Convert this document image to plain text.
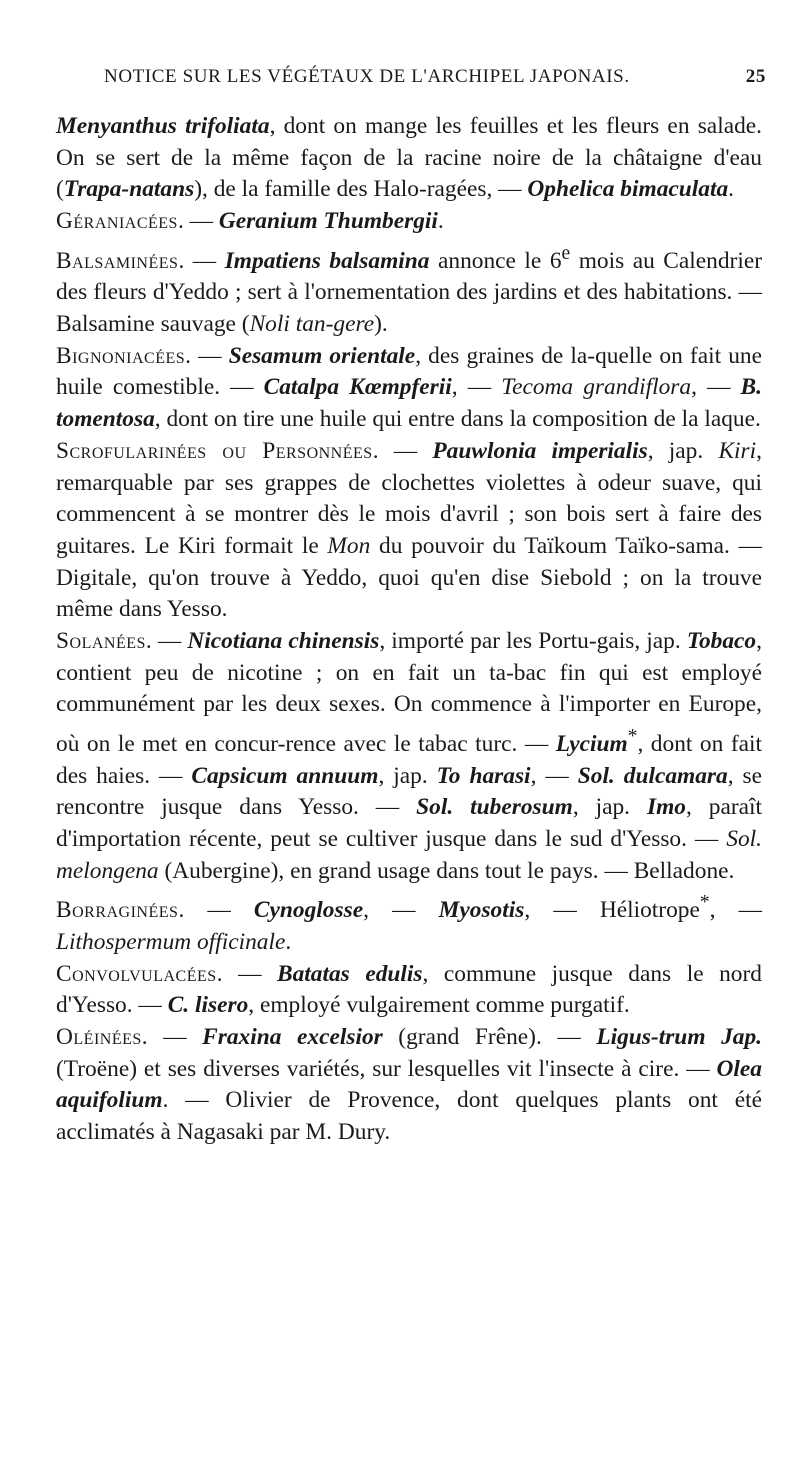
NOTICE SUR LES VÉGÉTAUX DE L'ARCHIPEL JAPONAIS.	25

Menyanthus trifoliata, dont on mange les feuilles et les fleurs en salade. On se sert de la même façon de la racine noire de la châtaigne d'eau (Trapa-natans), de la famille des Halo-ragées, — Ophelica bimaculata.

Géraniacées. — Geranium Thumbergii.

Balsaminées. — Impatiens balsamina annonce le 6e mois au Calendrier des fleurs d'Yeddo ; sert à l'ornementation des jardins et des habitations. — Balsamine sauvage (Noli tan-gere).

Bignoniacées. — Sesamum orientale, des graines de la-quelle on fait une huile comestible. — Catalpa Kœmpferii, — Tecoma grandiflora, — B. tomentosa, dont on tire une huile qui entre dans la composition de la laque.

Scrofularinées ou Personnées. — Pauwlonia imperialis, jap. Kiri, remarquable par ses grappes de clochettes violettes à odeur suave, qui commencent à se montrer dès le mois d'avril ; son bois sert à faire des guitares. Le Kiri formait le Mon du pouvoir du Taïkoum Taïko-sama. — Digitale, qu'on trouve à Yeddo, quoi qu'en dise Siebold ; on la trouve même dans Yesso.

Solanées. — Nicotiana chinensis, importé par les Portu-gais, jap. Tobaco, contient peu de nicotine ; on en fait un ta-bac fin qui est employé communément par les deux sexes. On commence à l'importer en Europe, où on le met en concur-rence avec le tabac turc. — Lycium*, dont on fait des haies. — Capsicum annuum, jap. To harasi, — Sol. dulcamara, se rencontre jusque dans Yesso. — Sol. tuberosum, jap. Imo, paraît d'importation récente, peut se cultiver jusque dans le sud d'Yesso. — Sol. melongena (Aubergine), en grand usage dans tout le pays. — Belladone.

Borraginées. — Cynoglosse, — Myosotis, — Héliotrope*, — Lithospermum officinale.

Convolvulacées. — Batatas edulis, commune jusque dans le nord d'Yesso. — C. lisero, employé vulgairement comme purgatif.

Oléinées. — Fraxina excelsior (grand Frêne). — Ligus-trum Jap. (Troëne) et ses diverses variétés, sur lesquelles vit l'insecte à cire. — Olea aquifolium. — Olivier de Provence, dont quelques plants ont été acclimatés à Nagasaki par M. Dury.
